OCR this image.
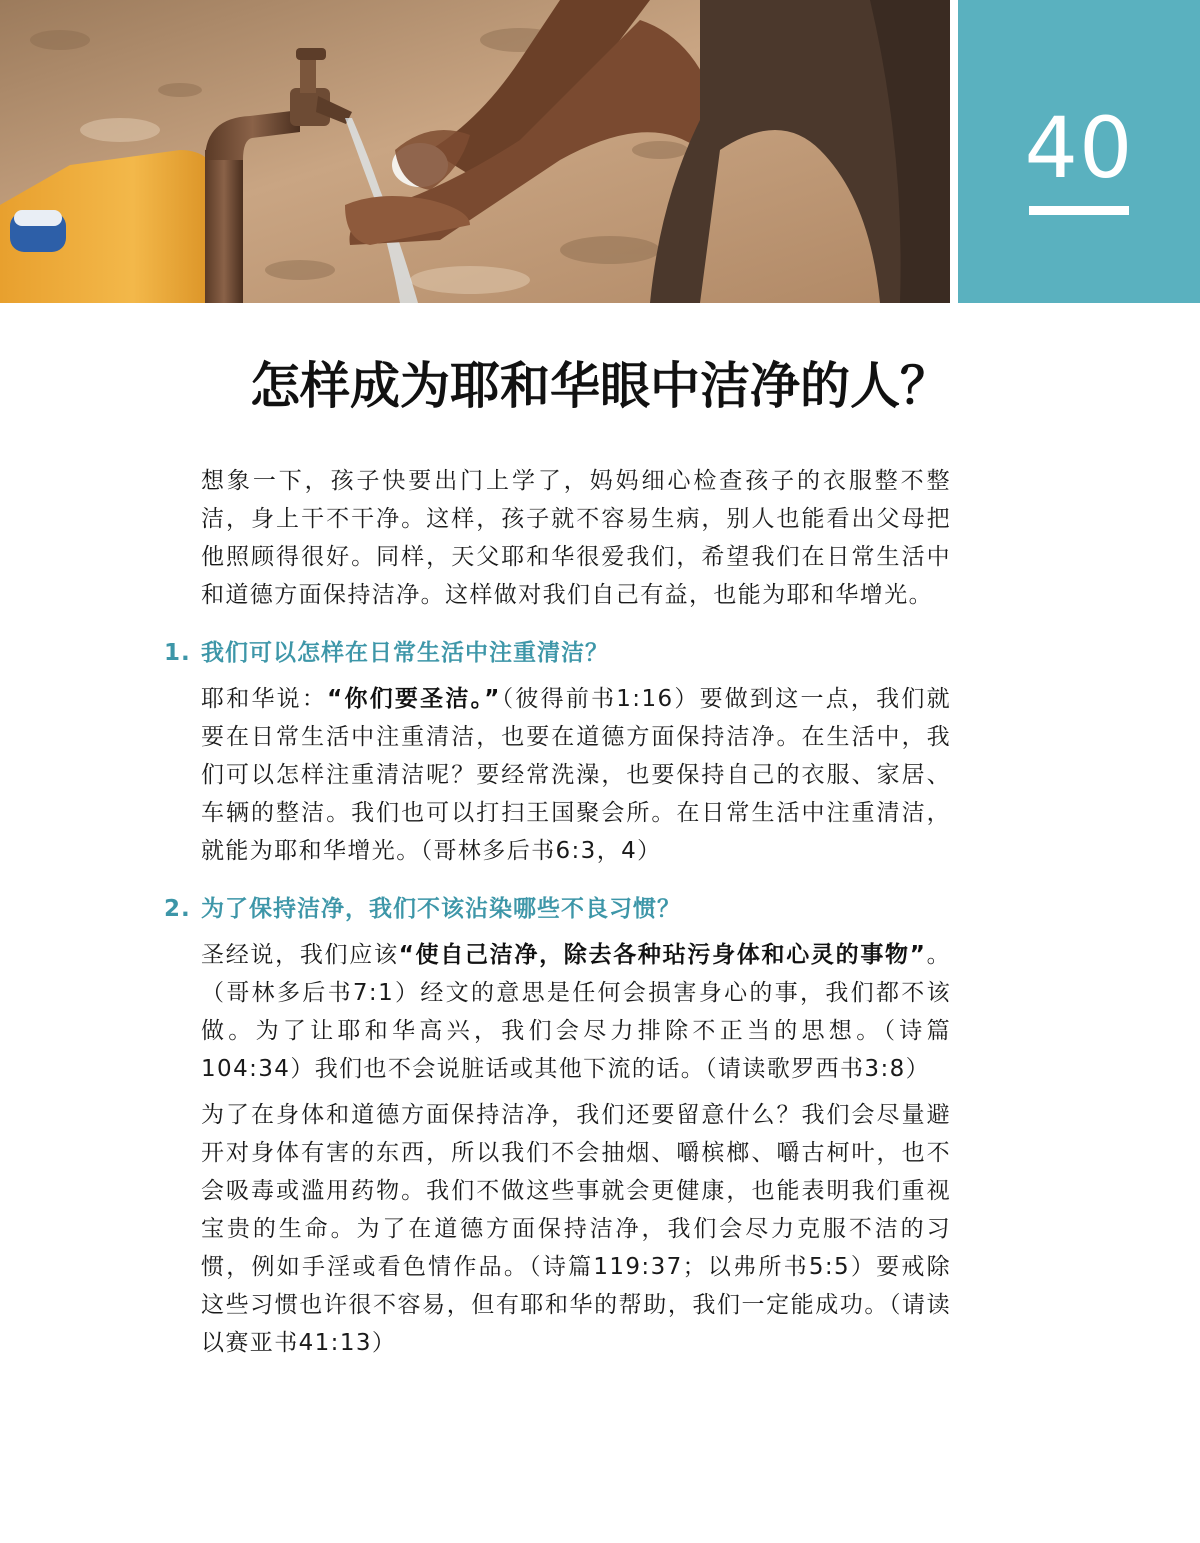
40
怎样成为耶和华眼中洁净的人？

想象一下，孩子快要出门上学了，妈妈细心检查孩子的衣服整不整洁，身上干不干净。这样，孩子就不容易生病，别人也能看出父母把他照顾得很好。同样，天父耶和华很爱我们，希望我们在日常生活中和道德方面保持洁净。这样做对我们自己有益，也能为耶和华增光。

1. 我们可以怎样在日常生活中注重清洁？

耶和华说：“你们要圣洁。”（彼得前书1:16）要做到这一点，我们就要在日常生活中注重清洁，也要在道德方面保持洁净。在生活中，我们可以怎样注重清洁呢？要经常洗澡，也要保持自己的衣服、家居、车辆的整洁。我们也可以打扫王国聚会所。在日常生活中注重清洁，就能为耶和华增光。（哥林多后书6:3，4）

2. 为了保持洁净，我们不该沾染哪些不良习惯？

圣经说，我们应该“使自己洁净，除去各种玷污身体和心灵的事物”。（哥林多后书7:1）经文的意思是任何会损害身心的事，我们都不该做。为了让耶和华高兴，我们会尽力排除不正当的思想。（诗篇104:34）我们也不会说脏话或其他下流的话。（请读歌罗西书3:8）

为了在身体和道德方面保持洁净，我们还要留意什么？我们会尽量避开对身体有害的东西，所以我们不会抽烟、嚼槟榔、嚼古柯叶，也不会吸毒或滥用药物。我们不做这些事就会更健康，也能表明我们重视宝贵的生命。为了在道德方面保持洁净，我们会尽力克服不洁的习惯，例如手淫或看色情作品。（诗篇119:37；以弗所书5:5）要戒除这些习惯也许很不容易，但有耶和华的帮助，我们一定能成功。（请读以赛亚书41:13）
